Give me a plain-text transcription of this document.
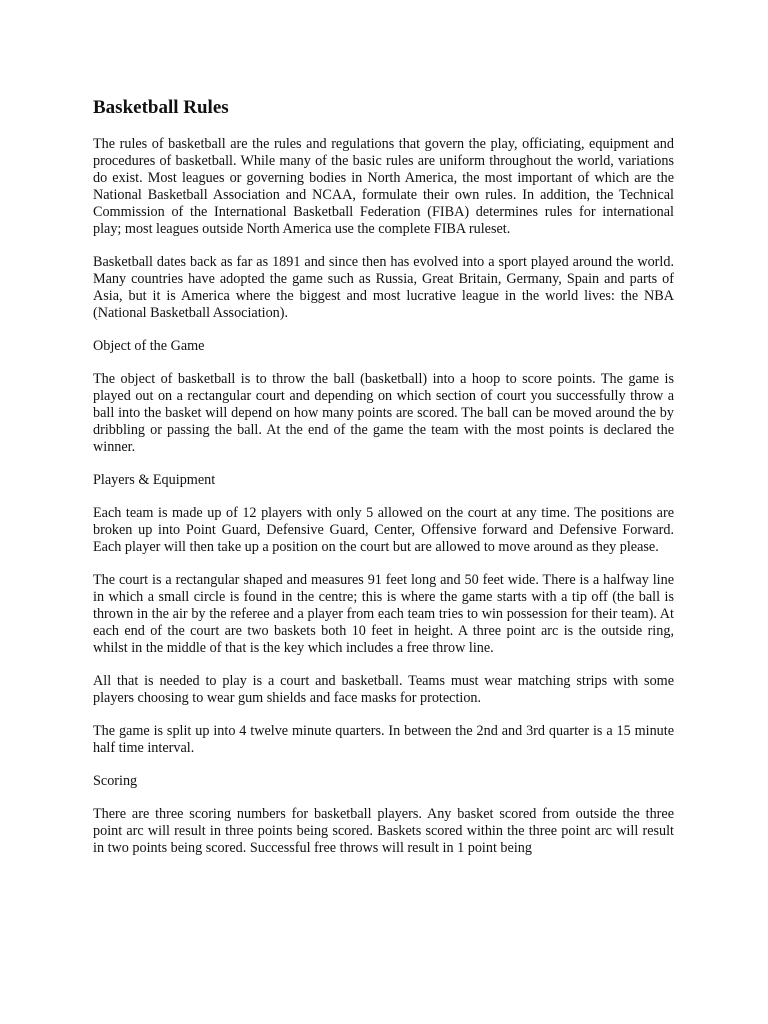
Basketball Rules

The rules of basketball are the rules and regulations that govern the play, officiating, equipment and procedures of basketball. While many of the basic rules are uniform throughout the world, variations do exist. Most leagues or governing bodies in North America, the most important of which are the National Basketball Association and NCAA, formulate their own rules. In addition, the Technical Commission of the International Basketball Federation (FIBA) determines rules for international play; most leagues outside North America use the complete FIBA ruleset.

Basketball dates back as far as 1891 and since then has evolved into a sport played around the world. Many countries have adopted the game such as Russia, Great Britain, Germany, Spain and parts of Asia, but it is America where the biggest and most lucrative league in the world lives: the NBA (National Basketball Association).

Object of the Game

The object of basketball is to throw the ball (basketball) into a hoop to score points. The game is played out on a rectangular court and depending on which section of court you successfully throw a ball into the basket will depend on how many points are scored. The ball can be moved around the by dribbling or passing the ball. At the end of the game the team with the most points is declared the winner.

Players & Equipment

Each team is made up of 12 players with only 5 allowed on the court at any time. The positions are broken up into Point Guard, Defensive Guard, Center, Offensive forward and Defensive Forward. Each player will then take up a position on the court but are allowed to move around as they please.

The court is a rectangular shaped and measures 91 feet long and 50 feet wide. There is a halfway line in which a small circle is found in the centre; this is where the game starts with a tip off (the ball is thrown in the air by the referee and a player from each team tries to win possession for their team). At each end of the court are two baskets both 10 feet in height. A three point arc is the outside ring, whilst in the middle of that is the key which includes a free throw line.

All that is needed to play is a court and basketball. Teams must wear matching strips with some players choosing to wear gum shields and face masks for protection.

The game is split up into 4 twelve minute quarters. In between the 2nd and 3rd quarter is a 15 minute half time interval.

Scoring

There are three scoring numbers for basketball players. Any basket scored from outside the three point arc will result in three points being scored. Baskets scored within the three point arc will result in two points being scored. Successful free throws will result in 1 point being
